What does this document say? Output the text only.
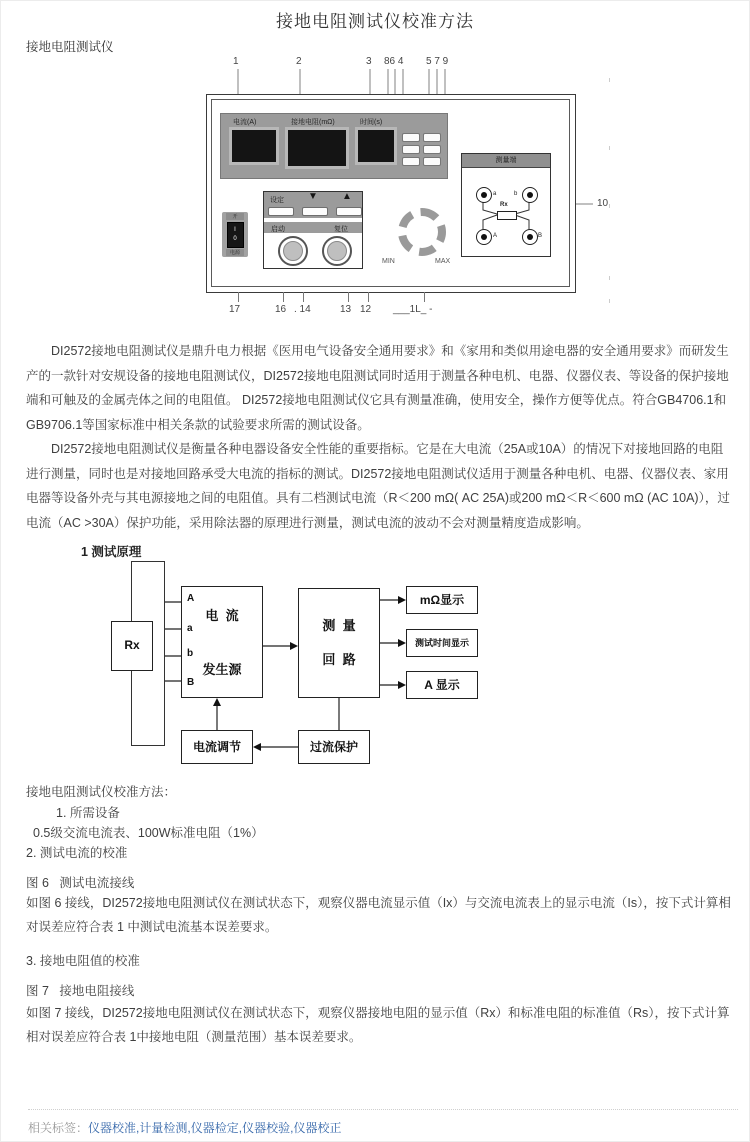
接地电阻测试仪校准方法
接地电阻测试仪
1	2	3 86 4 5 7 9
电流(A)	接地电阻(mΩ)	时间(s)
测量端
a	b
A	B
Rx	10
MIN	MAX
开
I
0
电源
设定 ▼ ▲
启动	复位
17	16 . 14	13 12 ___1L_ -

DI2572接地电阻测试仪是鼎升电力根据《医用电气设备安全通用要求》和《家用和类似用途电器的安全通用要求》而研发生产的一款针对安规设备的接地电阻测试仪，DI2572接地电阻测试同时适用于测量各种电机、电器、仪器仪表、等设备的保护接地端和可触及的金属壳体之间的电阻值。 DI2572接地电阻测试仪它具有测量准确，使用安全，操作方便等优点。符合GB4706.1和GB9706.1等国家标准中相关条款的试验要求所需的测试设备。

DI2572接地电阻测试仪是衡量各种电器设备安全性能的重要指标。它是在大电流（25A或10A）的情况下对接地回路的电阻进行测量，同时也是对接地回路承受大电流的指标的测试。DI2572接地电阻测试仪适用于测量各种电机、电器、仪器仪表、家用电器等设备外壳与其电源接地之间的电阻值。具有二档测试电流（R＜200 mΩ( AC 25A)或200 mΩ＜R＜600 mΩ (AC 10A)），过电流（AC >30A）保护功能，采用除法器的原理进行测量，测试电流的波动不会对测量精度造成影响。

1 测试原理
Rx
A
a
b
B
电  流
发生源
测  量
回  路
mΩ显示
测试时间显示
A 显示
电流调节	过流保护
接地电阻测试仪校准方法：
1. 所需设备
0.5级交流电流表、100W标准电阻（1%）
2. 测试电流的校准
图 6   测试电流接线

如图 6 接线，DI2572接地电阻测试仪在测试状态下，观察仪器电流显示值（Ix）与交流电流表上的显示电流（Is），按下式计算相对误差应符合表 1 中测试电流基本误差要求。

3. 接地电阻值的校准
图 7   接地电阻接线

如图 7 接线，DI2572接地电阻测试仪在测试状态下，观察仪器接地电阻的显示值（Rx）和标准电阻的标准值（Rs），按下式计算相对误差应符合表 1中接地电阻（测量范围）基本误差要求。

相关标签：仪器校准,计量检测,仪器检定,仪器校验,仪器校正
